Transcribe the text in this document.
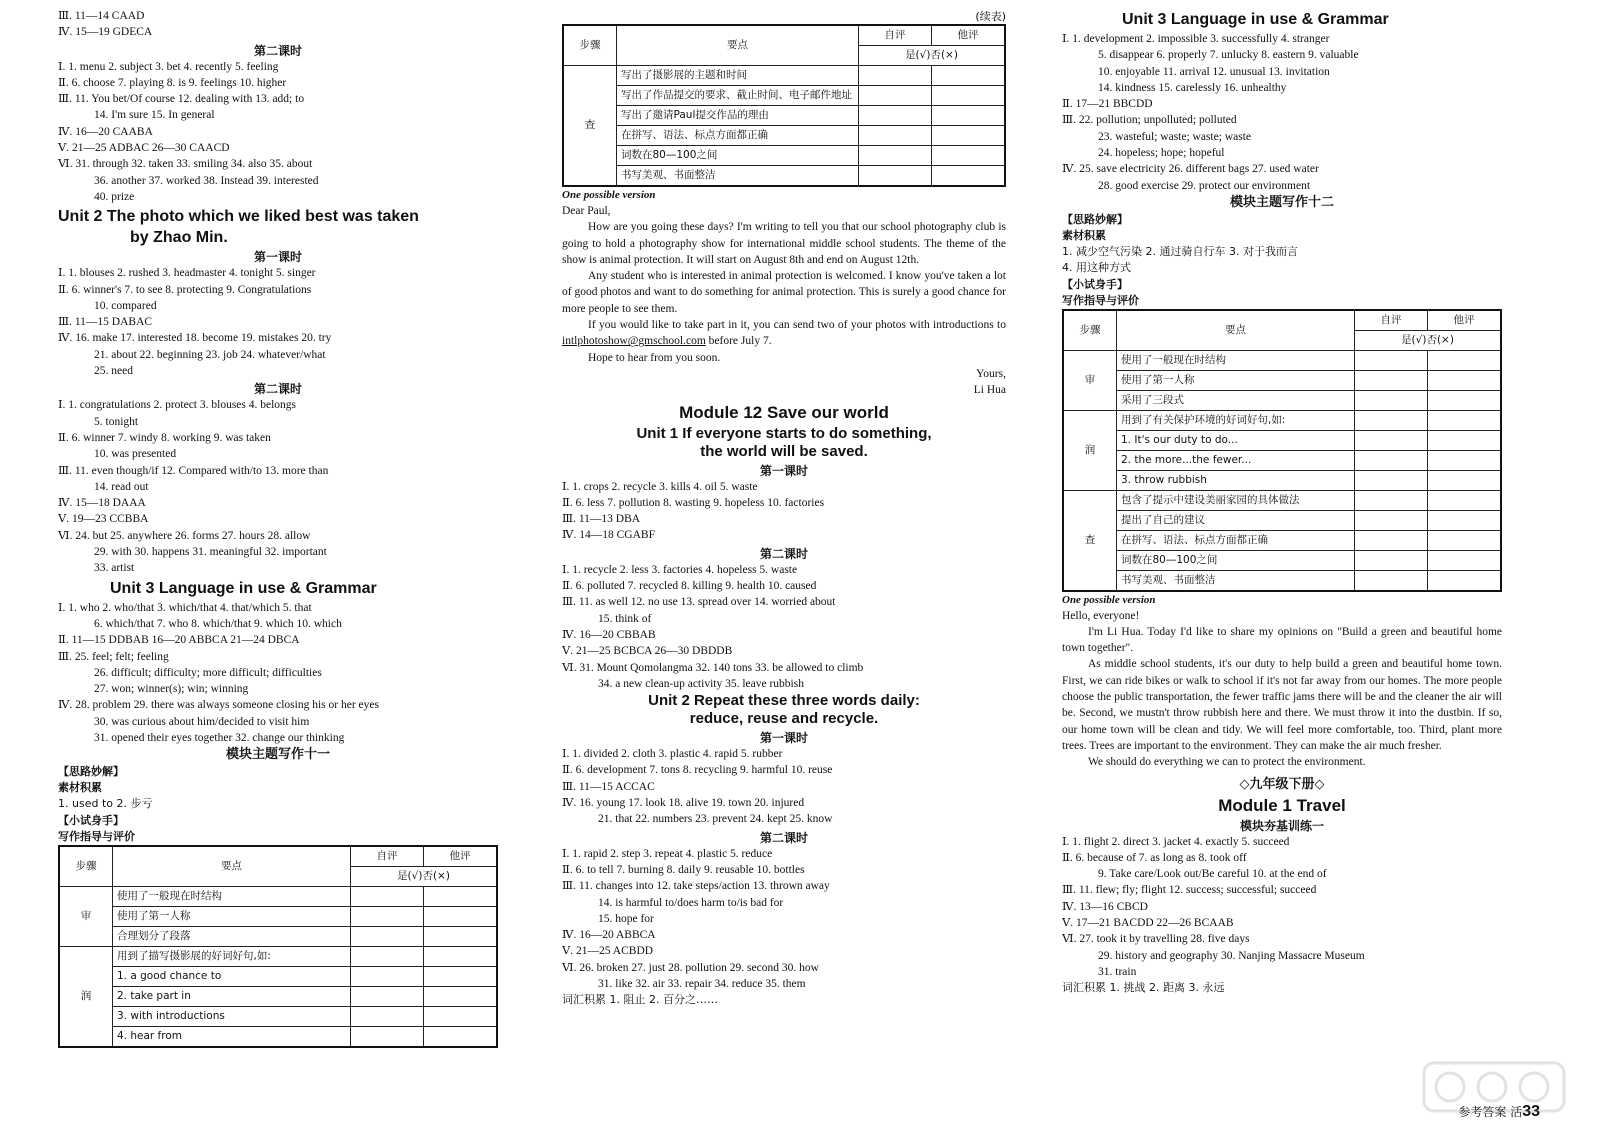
Ⅲ. 11—14 CAAD
Ⅳ. 15—19 GDECA
第二课时
Ⅰ. 1. menu 2. subject 3. bet 4. recently 5. feeling
Ⅱ. 6. choose 7. playing 8. is 9. feelings 10. higher
Ⅲ. 11. You bet/Of course 12. dealing with 13. add; to
14. I'm sure 15. In general
Ⅳ. 16—20 CAABA
Ⅴ. 21—25 ADBAC 26—30 CAACD
Ⅵ. 31. through 32. taken 33. smiling 34. also 35. about
36. another 37. worked 38. Instead 39. interested
40. prize
Unit 2 The photo which we liked best was taken
by Zhao Min.
第一课时
Ⅰ. 1. blouses 2. rushed 3. headmaster 4. tonight 5. singer
Ⅱ. 6. winner's 7. to see 8. protecting 9. Congratulations
10. compared
Ⅲ. 11—15 DABAC
Ⅳ. 16. make 17. interested 18. become 19. mistakes 20. try
21. about 22. beginning 23. job 24. whatever/what
25. need
第二课时
Ⅰ. 1. congratulations 2. protect 3. blouses 4. belongs
5. tonight
Ⅱ. 6. winner 7. windy 8. working 9. was taken
10. was presented
Ⅲ. 11. even though/if 12. Compared with/to 13. more than
14. read out
Ⅳ. 15—18 DAAA
Ⅴ. 19—23 CCBBA
Ⅵ. 24. but 25. anywhere 26. forms 27. hours 28. allow
29. with 30. happens 31. meaningful 32. important
33. artist
Unit 3 Language in use & Grammar
Ⅰ. 1. who 2. who/that 3. which/that 4. that/which 5. that
6. which/that 7. who 8. which/that 9. which 10. which
Ⅱ. 11—15 DDBAB 16—20 ABBCA 21—24 DBCA
Ⅲ. 25. feel; felt; feeling
26. difficult; difficulty; more difficult; difficulties
27. won; winner(s); win; winning
Ⅳ. 28. problem 29. there was always someone closing his or her eyes
30. was curious about him/decided to visit him
31. opened their eyes together 32. change our thinking
模块主题写作十一
【思路妙解】
素材积累
1. used to 2. 步亏
【小试身手】
写作指导与评价
步骤	要点	自评	他评
		是(√)否(×)	
审	使用了一般现在时结构		
	使用了第一人称		
	合理划分了段落		
润	用到了描写摄影展的好词好句,如:		
	1. a good chance to		
	2. take part in		
	3. with introductions		
	4. hear from		
(续表)
步骤	要点	自评	他评
		是(√)否(×)	
查	写出了摄影展的主题和时间		
	写出了作品提交的要求、截止时间、电子邮件地址		
	写出了邀请Paul提交作品的理由		
	在拼写、语法、标点方面都正确		
	词数在80—100之间		
	书写美观、书面整洁		
One possible version
Dear Paul,
How are you going these days? I'm writing to tell you that our school photography club is going to hold a photography show for international middle school students. The theme of the show is animal protection. It will start on August 8th and end on August 12th.
Any student who is interested in animal protection is welcomed. I know you've taken a lot of good photos and want to do something for animal protection. This is surely a good chance for more people to see them.
If you would like to take part in it, you can send two of your photos with introductions to intlphotoshow@gmschool.com before July 7.
Hope to hear from you soon.
Yours,
Li Hua
Module 12 Save our world
Unit 1 If everyone starts to do something,
the world will be saved.
第一课时
Ⅰ. 1. crops 2. recycle 3. kills 4. oil 5. waste
Ⅱ. 6. less 7. pollution 8. wasting 9. hopeless 10. factories
Ⅲ. 11—13 DBA
Ⅳ. 14—18 CGABF
第二课时
Ⅰ. 1. recycle 2. less 3. factories 4. hopeless 5. waste
Ⅱ. 6. polluted 7. recycled 8. killing 9. health 10. caused
Ⅲ. 11. as well 12. no use 13. spread over 14. worried about
15. think of
Ⅳ. 16—20 CBBAB
Ⅴ. 21—25 BCBCA 26—30 DBDDB
Ⅵ. 31. Mount Qomolangma 32. 140 tons 33. be allowed to climb
34. a new clean-up activity 35. leave rubbish
Unit 2 Repeat these three words daily:
reduce, reuse and recycle.
第一课时
Ⅰ. 1. divided 2. cloth 3. plastic 4. rapid 5. rubber
Ⅱ. 6. development 7. tons 8. recycling 9. harmful 10. reuse
Ⅲ. 11—15 ACCAC
Ⅳ. 16. young 17. look 18. alive 19. town 20. injured
21. that 22. numbers 23. prevent 24. kept 25. know
第二课时
Ⅰ. 1. rapid 2. step 3. repeat 4. plastic 5. reduce
Ⅱ. 6. to tell 7. burning 8. daily 9. reusable 10. bottles
Ⅲ. 11. changes into 12. take steps/action 13. thrown away
14. is harmful to/does harm to/is bad for
15. hope for
Ⅳ. 16—20 ABBCA
Ⅴ. 21—25 ACBDD
Ⅵ. 26. broken 27. just 28. pollution 29. second 30. how
31. like 32. air 33. repair 34. reduce 35. them
词汇积累 1. 阻止 2. 百分之……
Unit 3 Language in use & Grammar
Ⅰ. 1. development 2. impossible 3. successfully 4. stranger
5. disappear 6. properly 7. unlucky 8. eastern 9. valuable
10. enjoyable 11. arrival 12. unusual 13. invitation
14. kindness 15. carelessly 16. unhealthy
Ⅱ. 17—21 BBCDD
Ⅲ. 22. pollution; unpolluted; polluted
23. wasteful; waste; waste; waste
24. hopeless; hope; hopeful
Ⅳ. 25. save electricity 26. different bags 27. used water
28. good exercise 29. protect our environment
模块主题写作十二
【思路妙解】
素材积累
1. 减少空气污染 2. 通过骑自行车 3. 对于我而言
4. 用这种方式
【小试身手】
写作指导与评价
步骤	要点	自评	他评
		是(√)否(×)	
审	使用了一般现在时结构		
	使用了第一人称		
	采用了三段式		
润	用到了有关保护环境的好词好句,如:		
	1. It's our duty to do...		
	2. the more...the fewer...		
	3. throw rubbish		
查	包含了提示中建设美丽家园的具体做法		
	提出了自己的建议		
	在拼写、语法、标点方面都正确		
	词数在80—100之间		
	书写美观、书面整洁		
One possible version
Hello, everyone!
I'm Li Hua. Today I'd like to share my opinions on "Build a green and beautiful home town together".
As middle school students, it's our duty to help build a green and beautiful home town. First, we can ride bikes or walk to school if it's not far away from our homes. The more people choose the public transportation, the fewer traffic jams there will be and the cleaner the air will be. Second, we mustn't throw rubbish here and there. We must throw it into the dustbin. If so, our home town will be clean and tidy. We will feel more comfortable, too. Third, plant more trees. Trees are important to the environment. They can make the air much fresher.
We should do everything we can to protect the environment.
◇九年级下册◇
Module 1 Travel
模块夯基训练一
Ⅰ. 1. flight 2. direct 3. jacket 4. exactly 5. succeed
Ⅱ. 6. because of 7. as long as 8. took off
9. Take care/Look out/Be careful 10. at the end of
Ⅲ. 11. flew; fly; flight 12. success; successful; succeed
Ⅳ. 13—16 CBCD
Ⅴ. 17—21 BACDD 22—26 BCAAB
Ⅵ. 27. took it by travelling 28. five days
29. history and geography 30. Nanjing Massacre Museum
31. train
词汇积累 1. 挑战 2. 距离 3. 永远
参考答案 活33
